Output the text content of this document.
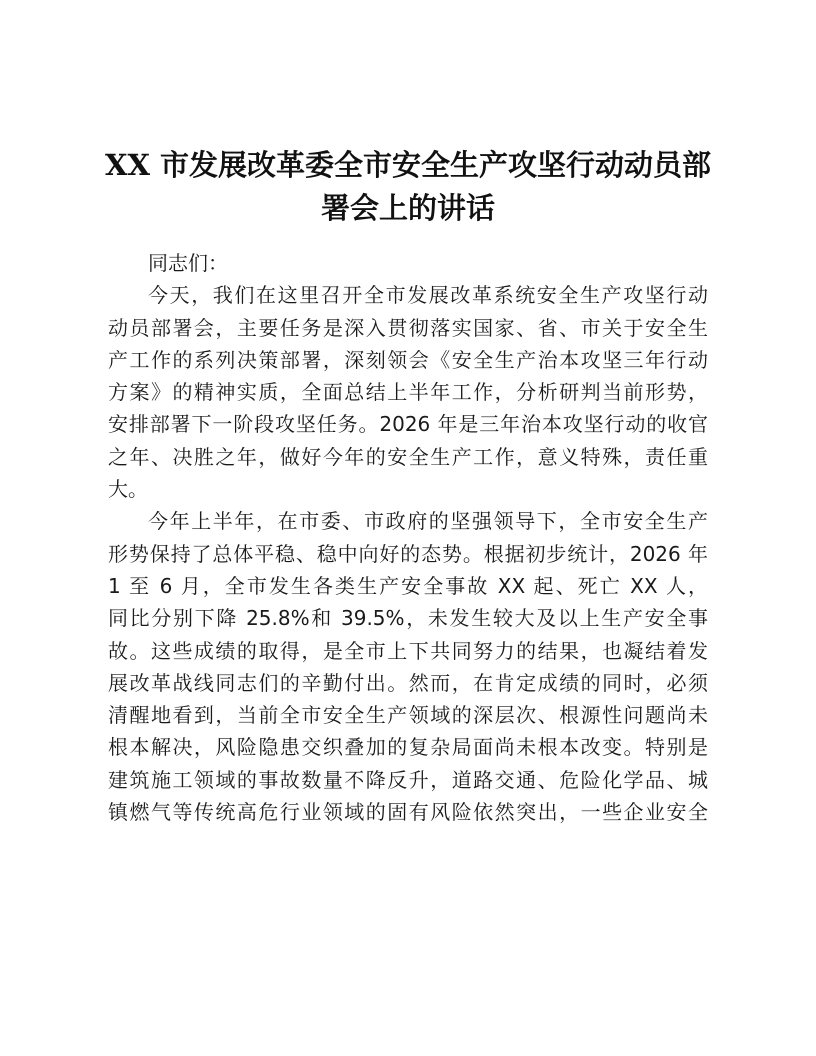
XX 市发展改革委全市安全生产攻坚行动动员部
署会上的讲话
同志们：
今天，我们在这里召开全市发展改革系统安全生产攻坚行动
动员部署会，主要任务是深入贯彻落实国家、省、市关于安全生
产工作的系列决策部署，深刻领会《安全生产治本攻坚三年行动
方案》的精神实质，全面总结上半年工作，分析研判当前形势，
安排部署下一阶段攻坚任务。2026 年是三年治本攻坚行动的收官
之年、决胜之年，做好今年的安全生产工作，意义特殊，责任重
大。
今年上半年，在市委、市政府的坚强领导下，全市安全生产
形势保持了总体平稳、稳中向好的态势。根据初步统计，2026 年
1 至 6 月，全市发生各类生产安全事故 XX 起、死亡 XX 人，
同比分别下降 25.8%和 39.5%，未发生较大及以上生产安全事
故。这些成绩的取得，是全市上下共同努力的结果，也凝结着发
展改革战线同志们的辛勤付出。然而，在肯定成绩的同时，必须
清醒地看到，当前全市安全生产领域的深层次、根源性问题尚未
根本解决，风险隐患交织叠加的复杂局面尚未根本改变。特别是
建筑施工领域的事故数量不降反升，道路交通、危险化学品、城
镇燃气等传统高危行业领域的固有风险依然突出，一些企业安全
